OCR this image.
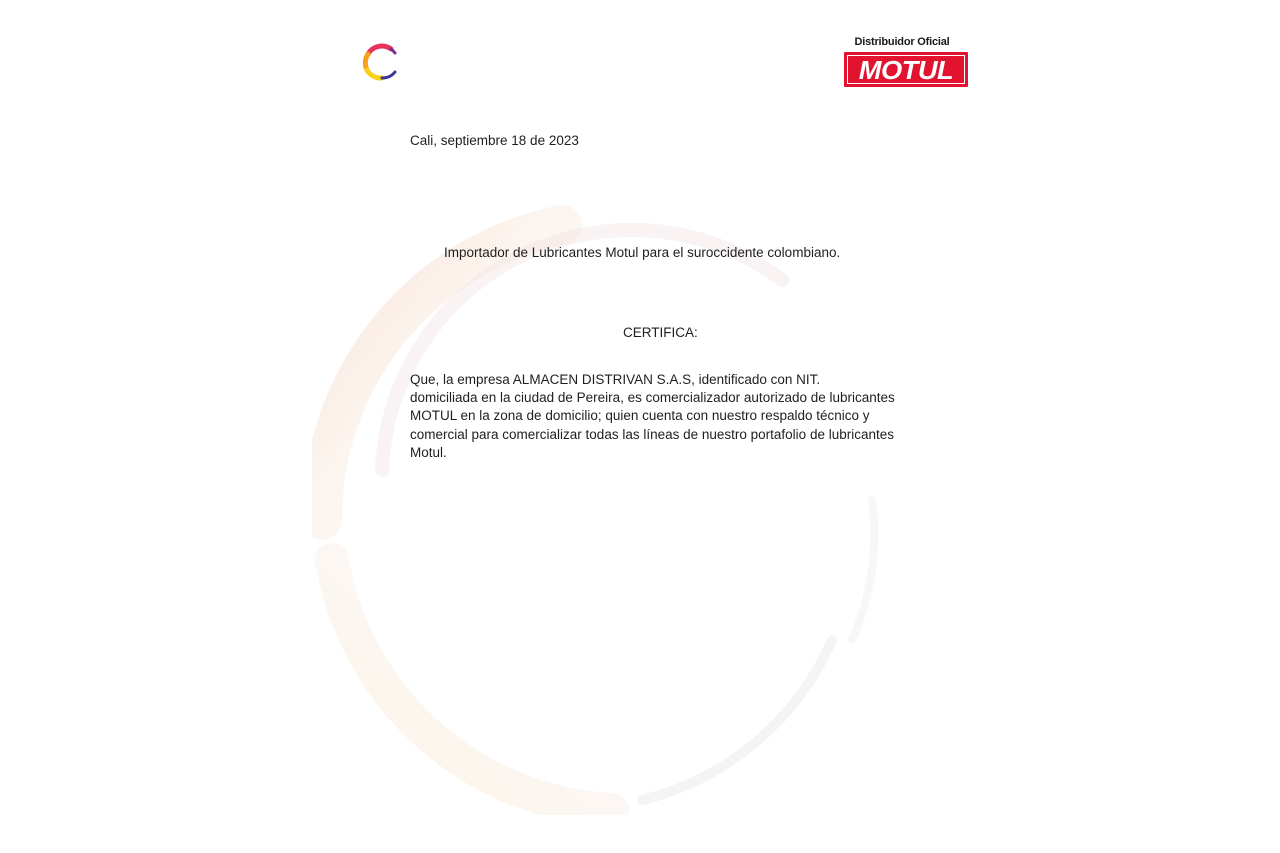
Distribuidor Oficial
MOTUL
Cali, septiembre 18 de 2023
Importador de Lubricantes Motul para el suroccidente colombiano.
CERTIFICA:
Que, la empresa ALMACEN DISTRIVAN S.A.S, identificado con NIT.
domiciliada en la ciudad de Pereira, es comercializador autorizado de lubricantes
MOTUL en la zona de domicilio; quien cuenta con nuestro respaldo técnico y
comercial para comercializar todas las líneas de nuestro portafolio de lubricantes
Motul.
